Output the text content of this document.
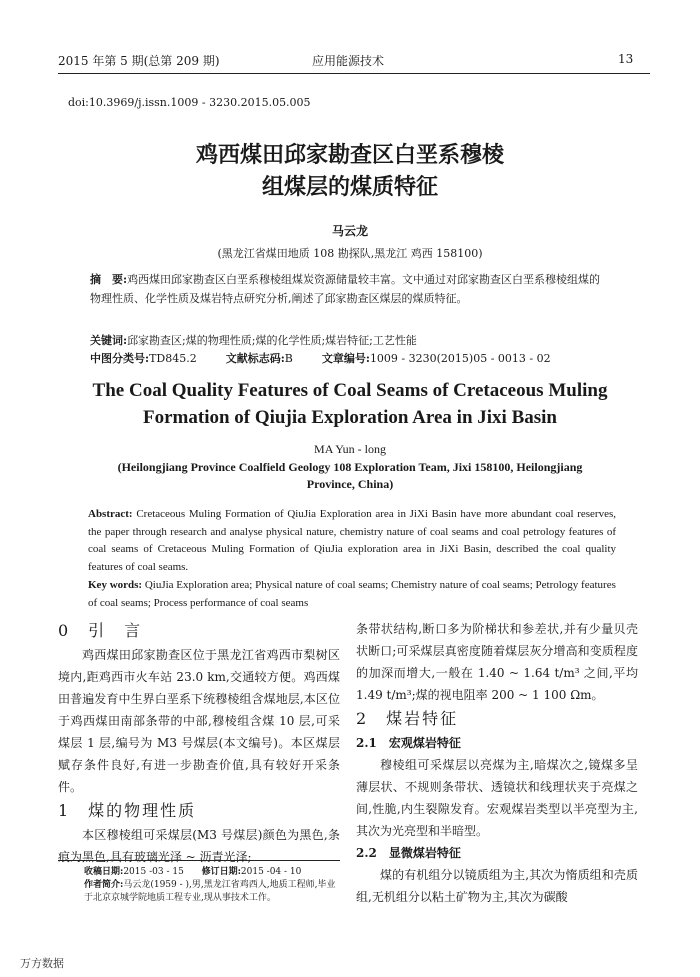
2015 年第 5 期(总第 209 期)	应用能源技术	13
doi:10.3969/j.issn.1009 - 3230.2015.05.005
鸡西煤田邱家勘查区白垩系穆棱
组煤层的煤质特征
马云龙
(黑龙江省煤田地质 108 勘探队,黑龙江 鸡西 158100)
摘　要:鸡西煤田邱家勘查区白垩系穆棱组煤炭资源储量较丰富。文中通过对邱家勘查区白垩系穆棱组煤的物理性质、化学性质及煤岩特点研究分析,阐述了邱家勘查区煤层的煤质特征。
关键词:邱家勘查区;煤的物理性质;煤的化学性质;煤岩特征;工艺性能
中图分类号:TD845.2	文献标志码:B	文章编号:1009 - 3230(2015)05 - 0013 - 02
The Coal Quality Features of Coal Seams of Cretaceous Muling
Formation of Qiujia Exploration Area in Jixi Basin
MA Yun - long
(Heilongjiang Province Coalfield Geology 108 Exploration Team, Jixi 158100, Heilongjiang
Province, China)
Abstract: Cretaceous Muling Formation of QiuJia Exploration area in JiXi Basin have more abundant coal reserves, the paper through research and analyse physical nature, chemistry nature of coal seams and coal petrology features of coal seams of Cretaceous Muling Formation of QiuJia exploration area in JiXi Basin, described the coal quality features of coal seams.
Key words: QiuJia Exploration area; Physical nature of coal seams; Chemistry nature of coal seams; Petrology features of coal seams; Process performance of coal seams
0　引　言

鸡西煤田邱家勘查区位于黑龙江省鸡西市梨树区境内,距鸡西市火车站 23.0 km,交通较方便。鸡西煤田普遍发育中生界白垩系下统穆棱组含煤地层,本区位于鸡西煤田南部条带的中部,穆棱组含煤 10 层,可采煤层 1 层,编号为 M3 号煤层(本文编号)。本区煤层赋存条件良好,有进一步勘查价值,具有较好开采条件。

1　煤的物理性质

本区穆棱组可采煤层(M3 号煤层)颜色为黑色,条痕为黑色,具有玻璃光泽 ~ 沥青光泽;

收稿日期:2015 -03 - 15 修订日期:2015 -04 - 10
作者简介:马云龙(1959 - ),男,黑龙江省鸡西人,地质工程师,毕业于北京京城学院地质工程专业,现从事技术工作。

条带状结构,断口多为阶梯状和参差状,并有少量贝壳状断口;可采煤层真密度随着煤层灰分增高和变质程度的加深而增大,一般在 1.40 ~ 1.64 t/m³ 之间,平均 1.49 t/m³;煤的视电阻率 200 ~ 1 100 Ωm。

2　煤岩特征
2.1　宏观煤岩特征

穆棱组可采煤层以亮煤为主,暗煤次之,镜煤多呈薄层状、不规则条带状、透镜状和线理状夹于亮煤之间,性脆,内生裂隙发育。宏观煤岩类型以半亮型为主,其次为光亮型和半暗型。

2.2　显微煤岩特征

煤的有机组分以镜质组为主,其次为惰质组和壳质组,无机组分以粘土矿物为主,其次为碳酸

万方数据
